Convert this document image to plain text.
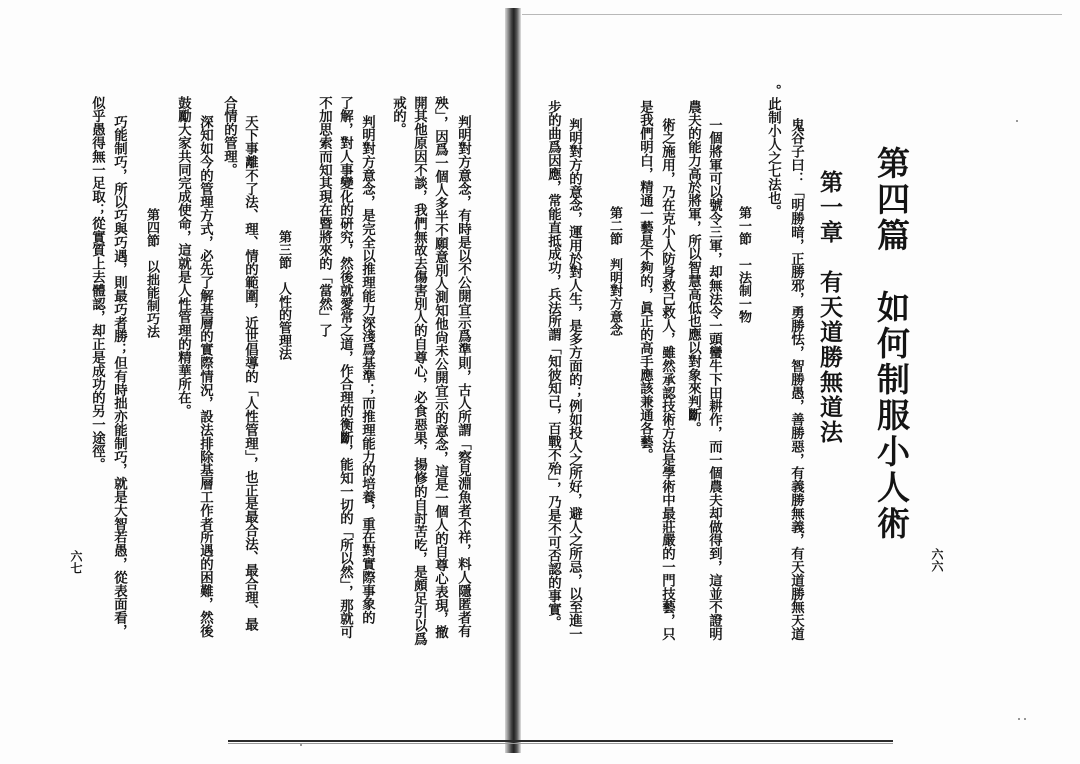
第四篇　如何制服小人術
第一章　有天道勝無道法
鬼谷子曰：「明勝暗，正勝邪，勇勝怯，智勝愚，善勝惡，有義勝無義，有天道勝無天道
。此制小人之七法也。
第一節　一法制一物
一個將軍可以號令三軍，却無法令一頭蠻牛下田耕作，而一個農夫却做得到，這並不證明
農夫的能力高於將軍，所以智慧高低也應以對象來判斷。
術之施用，乃在克小人防身救己救人，雖然承認技術方法是學術中最莊嚴的一門技藝，只
是我們明白，精通一藝是不夠的，眞正的高手應該兼通各藝。
第二節　判明對方意念
判明對方的意念，運用於對人生，是多方面的；例如投人之所好，避人之所忌，以至進一
步的曲爲因應，常能直抵成功，兵法所謂「知彼知己，百戰不殆」，乃是不可否認的事實。	六六
判明對方意念，有時是以不公開宜示爲準則，古人所謂「察見淵魚者不祥，料人隱匿者有
殃」，因爲一個人多半不願意別人測知他尙未公開宜示的意念，這是一個人的自尊心表現，撤
開其他原因不談，我們無故去傷害別人的自尊心，必食惡果，揚修的自討苦吃，是頗足引以爲
戒的。
判明對方意念，是完全以推理能力深淺爲基準；而推理能力的培養，重在對實際事象的
了解，對人事變化的硏究，然後就愛常之道，作合理的衡斷，能知一切的「所以然」，那就可
不加思索而知其現在暨將來的「當然」了
第三節　人性的管理法
天下事離不了法、理、情的範圍，近世倡導的「人性管理」，也正是最合法、最合理、最
合情的管理。
深知如今的管理方式，必先了解基層的實際情況，設法排除基層工作者所遇的困難，然後
鼓勵大家共同完成使命，這就是人性管理的精華所在。
第四節　以拙能制巧法
巧能制巧，所以巧與巧遇，則最巧者勝；但有時拙亦能制巧，就是大智若愚，從表面看，
似乎愚得無一足取；從實質上去體認，却正是成功的另一途徑。
六七
